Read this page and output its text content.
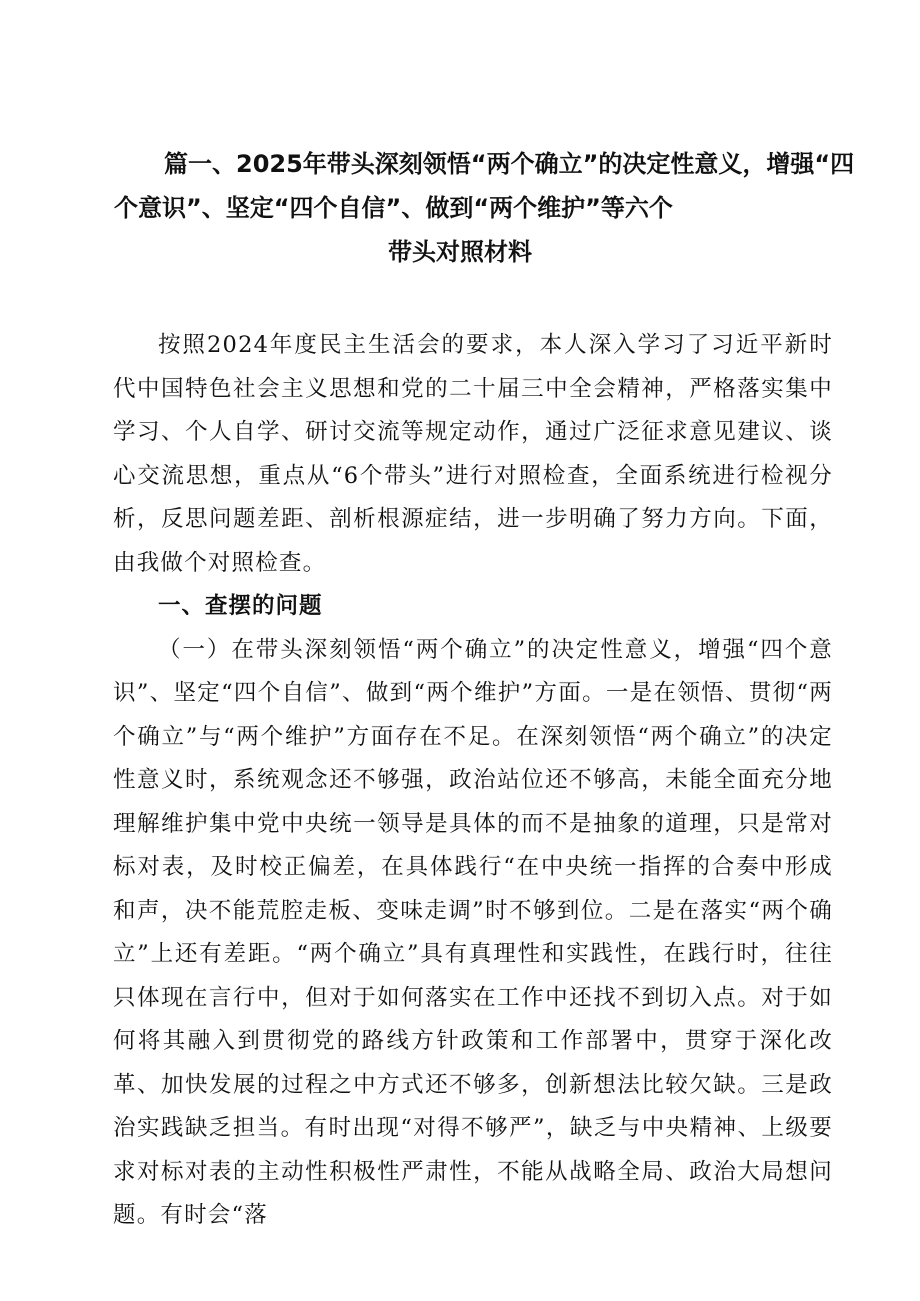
篇一、2025年带头深刻领悟“两个确立”的决定性意义，增强“四
个意识”、坚定“四个自信”、做到“两个维护”等六个
带头对照材料

按照2024年度民主生活会的要求，本人深入学习了习近平新时代中国特色社会主义思想和党的二十届三中全会精神，严格落实集中学习、个人自学、研讨交流等规定动作，通过广泛征求意见建议、谈心交流思想，重点从“6个带头”进行对照检查，全面系统进行检视分析，反思问题差距、剖析根源症结，进一步明确了努力方向。下面，由我做个对照检查。

一、查摆的问题

（一）在带头深刻领悟“两个确立”的决定性意义，增强“四个意识”、坚定“四个自信”、做到“两个维护”方面。一是在领悟、贯彻“两个确立”与“两个维护”方面存在不足。在深刻领悟“两个确立”的决定性意义时，系统观念还不够强，政治站位还不够高，未能全面充分地理解维护集中党中央统一领导是具体的而不是抽象的道理，只是常对标对表，及时校正偏差，在具体践行“在中央统一指挥的合奏中形成和声，决不能荒腔走板、变味走调”时不够到位。二是在落实“两个确立”上还有差距。“两个确立”具有真理性和实践性，在践行时，往往只体现在言行中，但对于如何落实在工作中还找不到切入点。对于如何将其融入到贯彻党的路线方针政策和工作部署中，贯穿于深化改革、加快发展的过程之中方式还不够多，创新想法比较欠缺。三是政治实践缺乏担当。有时出现“对得不够严”，缺乏与中央精神、上级要求对标对表的主动性积极性严肃性，不能从战略全局、政治大局想问题。有时会“落
